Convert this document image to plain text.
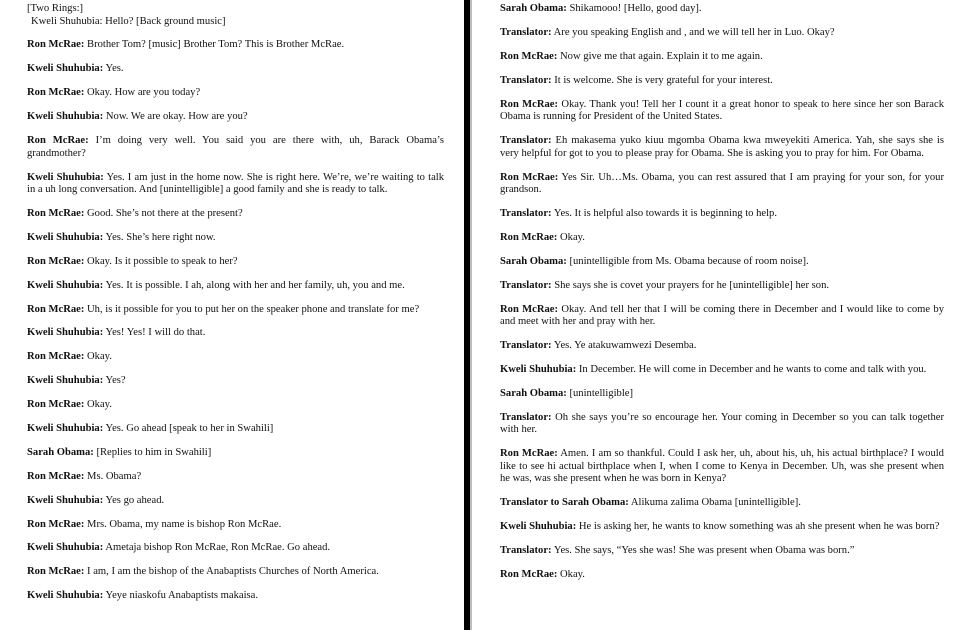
[Two Rings:]

Kweli Shuhubia: Hello? [Back ground music]

Ron McRae: Brother Tom? [music] Brother Tom? This is Brother McRae.

Kweli Shuhubia: Yes.

Ron McRae: Okay. How are you today?

Kweli Shuhubia: Now. We are okay. How are you?

Ron McRae: I’m doing very well. You said you are there with, uh, Barack Obama’s grandmother?

Kweli Shuhubia: Yes. I am just in the home now. She is right here. We’re, we’re waiting to talk in a uh long conversation. And [unintelligible] a good family and she is ready to talk.

Ron McRae: Good. She’s not there at the present?

Kweli Shuhubia: Yes. She’s here right now.

Ron McRae: Okay. Is it possible to speak to her?

Kweli Shuhubia: Yes. It is possible. I ah, along with her and her family, uh, you and me.

Ron McRae: Uh, is it possible for you to put her on the speaker phone and translate for me?

Kweli Shuhubia: Yes! Yes! I will do that.

Ron McRae: Okay.

Kweli Shuhubia: Yes?

Ron McRae: Okay.

Kweli Shuhubia: Yes. Go ahead [speak to her in Swahili]

Sarah Obama: [Replies to him in Swahili]

Ron McRae: Ms. Obama?

Kweli Shuhubia: Yes go ahead.

Ron McRae: Mrs. Obama, my name is bishop Ron McRae.

Kweli Shuhubia: Ametaja bishop Ron McRae, Ron McRae. Go ahead.

Ron McRae: I am, I am the bishop of the Anabaptists Churches of North America.

Kweli Shuhubia: Yeye niaskofu Anabaptists makaisa.

Sarah Obama: Shikamooo! [Hello, good day].

Translator: Are you speaking English and , and we will tell her in Luo. Okay?

Ron McRae: Now give me that again. Explain it to me again.

Translator: It is welcome. She is very grateful for your interest.

Ron McRae: Okay. Thank you! Tell her I count it a great honor to speak to here since her son Barack Obama is running for President of the United States.

Translator: Eh makasema yuko kiuu mgomba Obama kwa mweyekiti America. Yah, she says she is very helpful for got to you to please pray for Obama. She is asking you to pray for him. For Obama.

Ron McRae: Yes Sir. Uh…Ms. Obama, you can rest assured that I am praying for your son, for your grandson.

Translator: Yes. It is helpful also towards it is beginning to help.

Ron McRae: Okay.

Sarah Obama: [unintelligible from Ms. Obama because of room noise].

Translator: She says she is covet your prayers for he [unintelligible] her son.

Ron McRae: Okay. And tell her that I will be coming there in December and I would like to come by and meet with her and pray with her.

Translator: Yes. Ye atakuwamwezi Desemba.

Kweli Shuhubia: In December. He will come in December and he wants to come and talk with you.

Sarah Obama: [unintelligible]

Translator: Oh she says you’re so encourage her. Your coming in December so you can talk together with her.

Ron McRae: Amen. I am so thankful. Could I ask her, uh, about his, uh, his actual birthplace? I would like to see hi actual birthplace when I, when I come to Kenya in December. Uh, was she present when he was, was she present when he was born in Kenya?

Translator to Sarah Obama: Alikuma zalima Obama [unintelligible].

Kweli Shuhubia: He is asking her, he wants to know something was ah she present when he was born?

Translator: Yes. She says, “Yes she was! She was present when Obama was born.”

Ron McRae: Okay.
